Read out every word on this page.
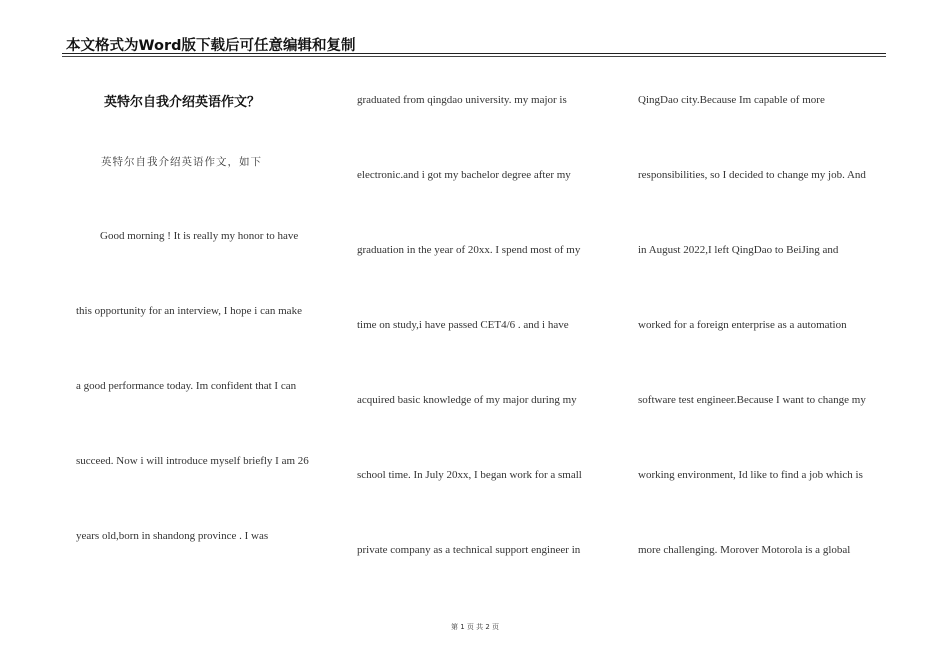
本文格式为Word版下载后可任意编辑和复制
英特尔自我介绍英语作文？
英特尔自我介绍英语作文，如下
Good morning ! It is really my honor to have
this opportunity for an interview, I hope i can make
a good performance today. Im confident that I can
succeed. Now i will introduce myself briefly I am 26
years old,born in shandong province . I was
graduated from qingdao university. my major is
electronic.and i got my bachelor degree after my
graduation in the year of 20xx. I spend most of my
time on study,i have passed CET4/6 . and i have
acquired basic knowledge of my major during my
school time. In July 20xx, I began work for a small
private company as a technical support engineer in
QingDao city.Because Im capable of more
responsibilities, so I decided to change my job. And
in August 2022,I left QingDao to BeiJing and
worked for a foreign enterprise as a automation
software test engineer.Because I want to change my
working environment, Id like to find a job which is
more challenging. Morover Motorola is a global
第 1 页 共 2 页
